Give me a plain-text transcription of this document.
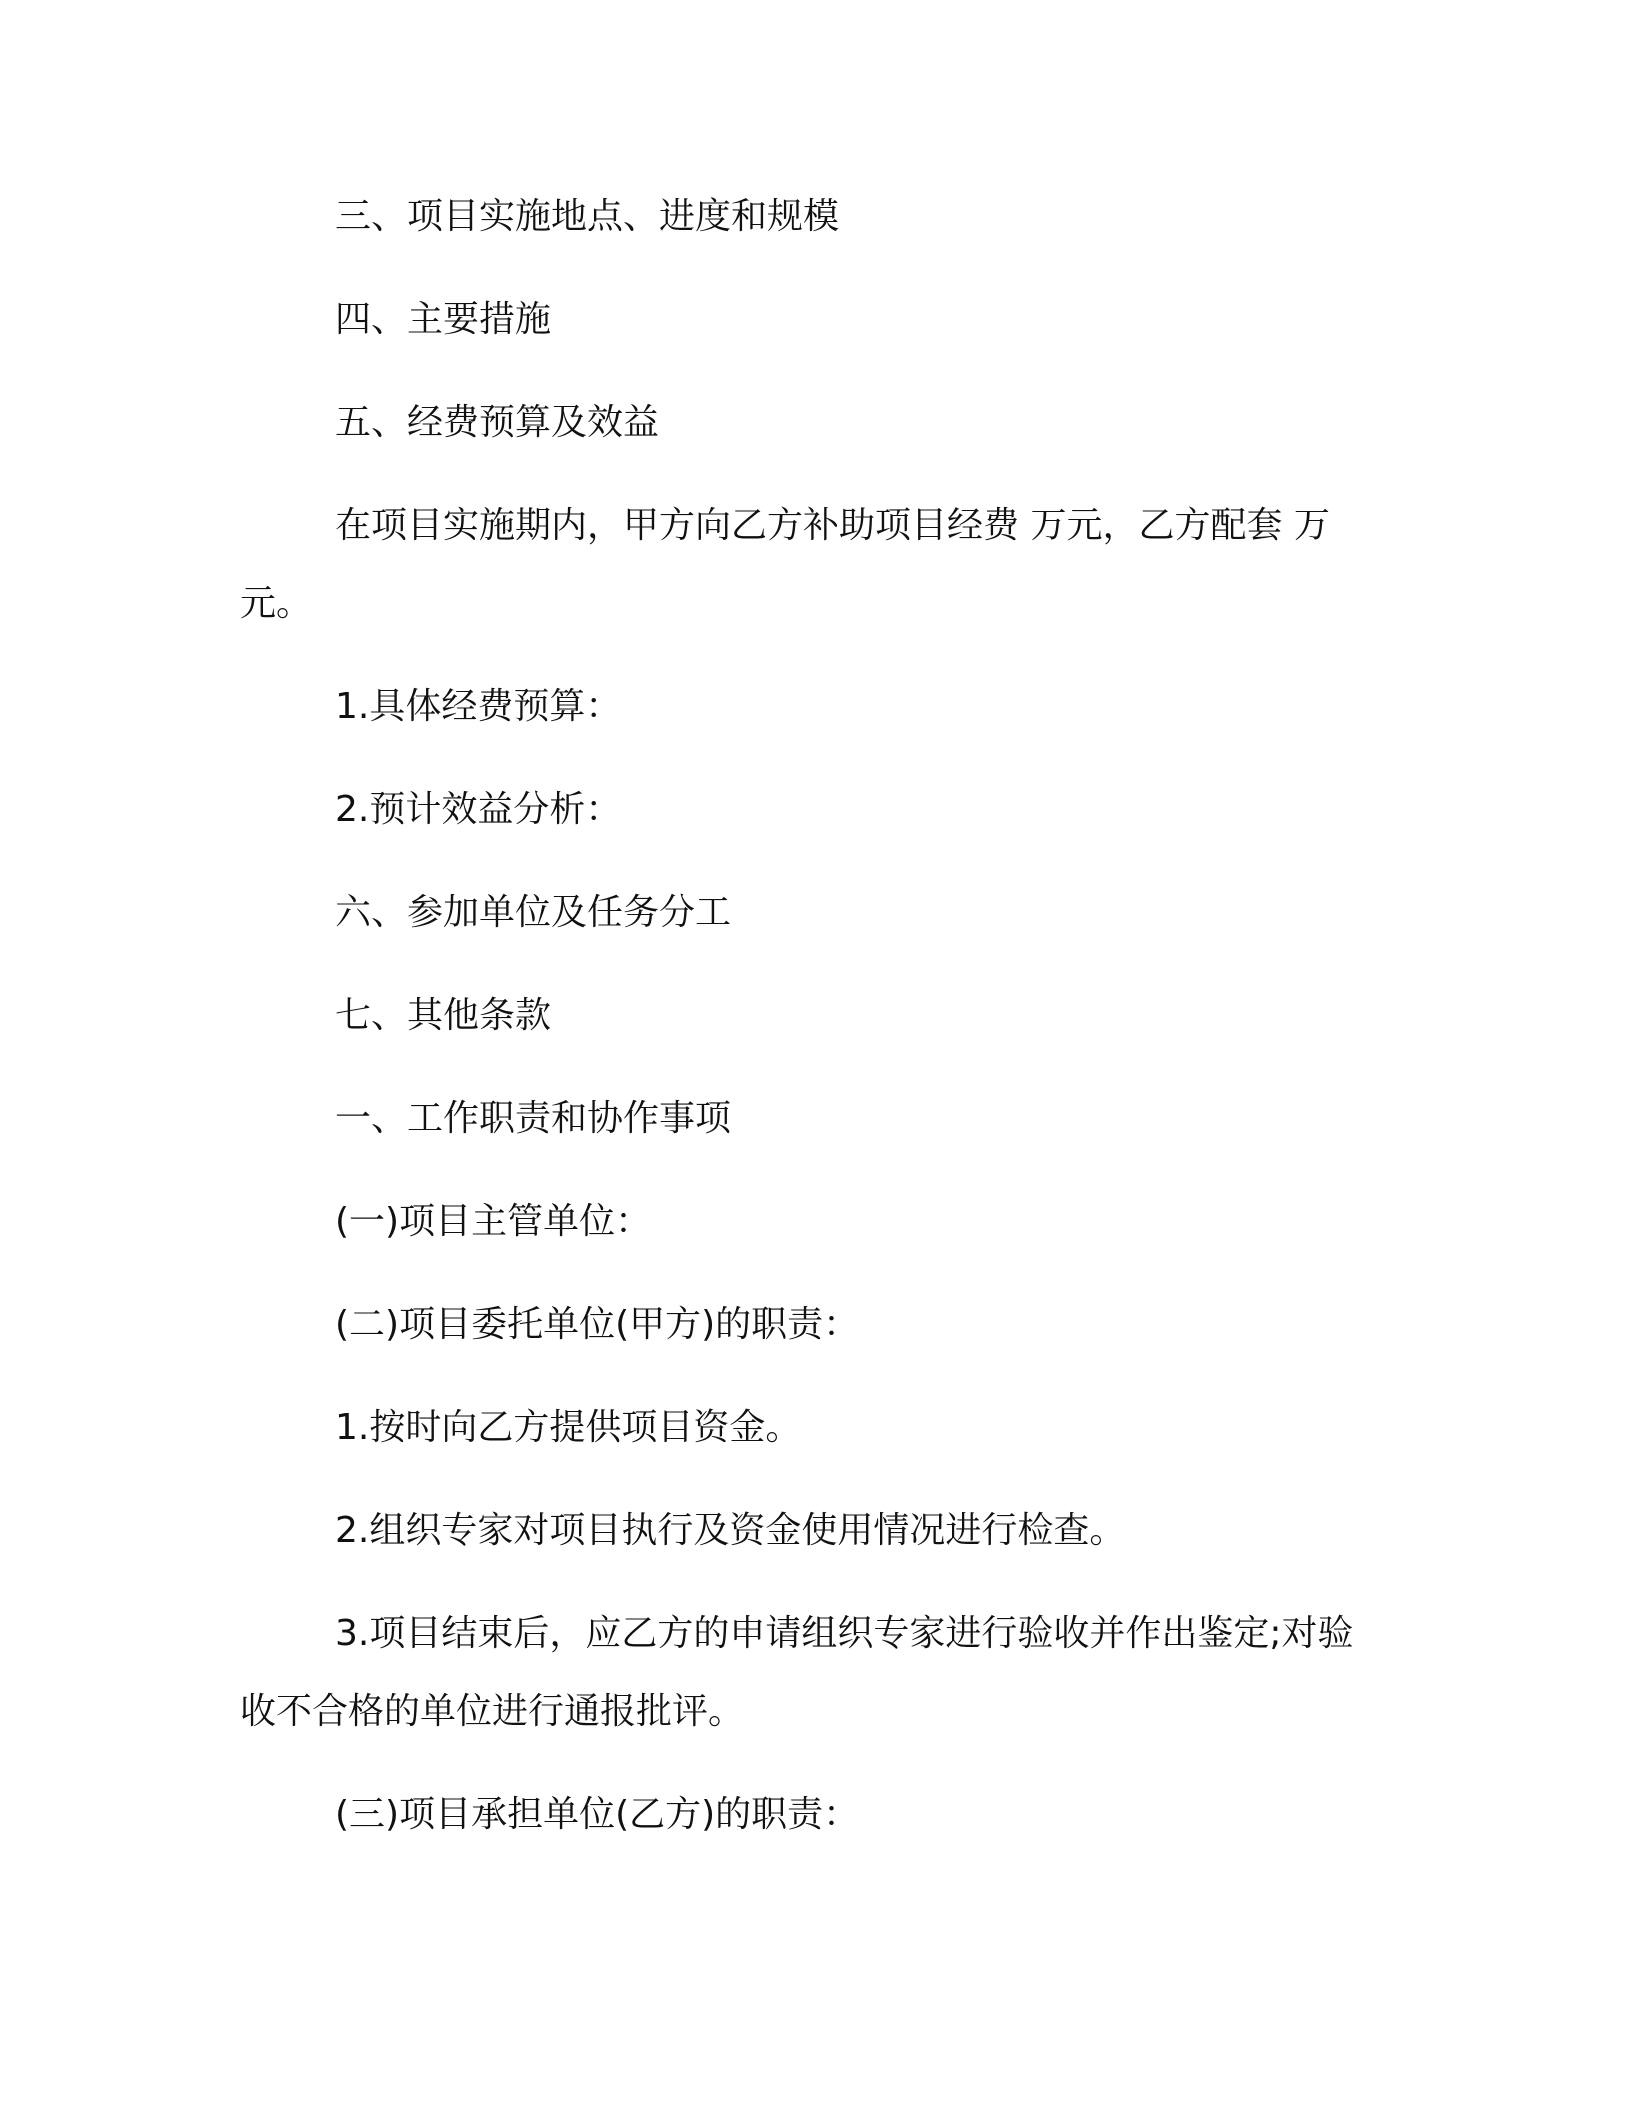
三、项目实施地点、进度和规模

四、主要措施

五、经费预算及效益

在项目实施期内，甲方向乙方补助项目经费 万元，乙方配套 万元。

1.具体经费预算：

2.预计效益分析：

六、参加单位及任务分工

七、其他条款

一、工作职责和协作事项

(一)项目主管单位：

(二)项目委托单位(甲方)的职责：

1.按时向乙方提供项目资金。

2.组织专家对项目执行及资金使用情况进行检查。

3.项目结束后，应乙方的申请组织专家进行验收并作出鉴定;对验收不合格的单位进行通报批评。

(三)项目承担单位(乙方)的职责：
